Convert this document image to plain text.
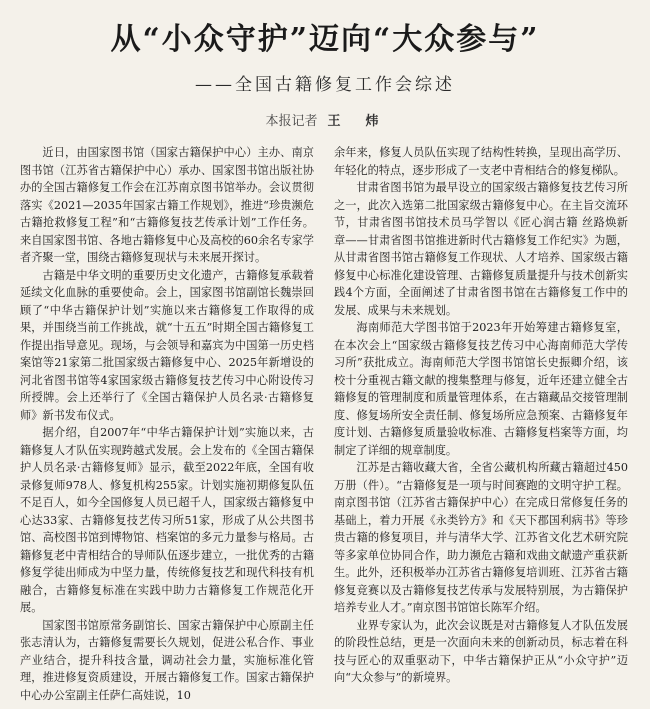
从“小众守护”迈向“大众参与”
——全国古籍修复工作会综述
本报记者 王　炜

近日，由国家图书馆（国家古籍保护中心）主办、南京图书馆（江苏省古籍保护中心）承办、国家图书馆出版社协办的全国古籍修复工作会在江苏南京图书馆举办。会议贯彻落实《2021—2035年国家古籍工作规划》，推进“珍贵濒危古籍抢救修复工程”和“古籍修复技艺传承计划”工作任务。来自国家图书馆、各地古籍修复中心及高校的60余名专家学者齐聚一堂，围绕古籍修复现状与未来展开探讨。

古籍是中华文明的重要历史文化遗产，古籍修复承载着延续文化血脉的重要使命。会上，国家图书馆副馆长魏崇回顾了“中华古籍保护计划”实施以来古籍修复工作取得的成果，并围绕当前工作挑战，就“十五五”时期全国古籍修复工作提出指导意见。现场，与会领导和嘉宾为中国第一历史档案馆等21家第二批国家级古籍修复中心、2025年新增设的河北省图书馆等4家国家级古籍修复技艺传习中心附设传习所授牌。会上还举行了《全国古籍保护人员名录·古籍修复师》新书发布仪式。

据介绍，自2007年“中华古籍保护计划”实施以来，古籍修复人才队伍实现跨越式发展。会上发布的《全国古籍保护人员名录·古籍修复师》显示，截至2022年底，全国有收录修复师978人、修复机构255家。计划实施初期修复队伍不足百人，如今全国修复人员已超千人，国家级古籍修复中心达33家、古籍修复技艺传习所51家，形成了从公共图书馆、高校图书馆到博物馆、档案馆的多元力量参与格局。古籍修复老中青相结合的导师队伍逐步建立，一批优秀的古籍修复学徒出师成为中坚力量，传统修复技艺和现代科技有机融合，古籍修复标准在实践中助力古籍修复工作规范化开展。

国家图书馆原常务副馆长、国家古籍保护中心原副主任张志清认为，古籍修复需要长久规划，促进公私合作、事业产业结合，提升科技含量，调动社会力量，实施标准化管理，推进修复资质建设，开展古籍修复工作。国家古籍保护中心办公室副主任萨仁高娃说，10

余年来，修复人员队伍实现了结构性转换，呈现出高学历、年轻化的特点，逐步形成了一支老中青相结合的修复梯队。

甘肃省图书馆为最早设立的国家级古籍修复技艺传习所之一，此次入选第二批国家级古籍修复中心。在主旨交流环节，甘肃省图书馆技术员马学智以《匠心润古籍 丝路焕新章——甘肃省图书馆推进新时代古籍修复工作纪实》为题，从甘肃省图书馆古籍修复工作现状、人才培养、国家级古籍修复中心标准化建设管理、古籍修复质量提升与技术创新实践4个方面，全面阐述了甘肃省图书馆在古籍修复工作中的发展、成果与未来规划。

海南师范大学图书馆于2023年开始筹建古籍修复室，在本次会上“国家级古籍修复技艺传习中心海南师范大学传习所”获批成立。海南师范大学图书馆馆长史振卿介绍，该校十分重视古籍文献的搜集整理与修复，近年还建立健全古籍修复的管理制度和质量管理体系，在古籍藏品交接管理制度、修复场所安全责任制、修复场所应急预案、古籍修复年度计划、古籍修复质量验收标准、古籍修复档案等方面，均制定了详细的规章制度。

江苏是古籍收藏大省，全省公藏机构所藏古籍超过450万册（件）。“古籍修复是一项与时间赛跑的文明守护工程。南京图书馆（江苏省古籍保护中心）在完成日常修复任务的基础上，着力开展《永类钤方》和《天下郡国利病书》等珍贵古籍的修复项目，并与清华大学、江苏省文化艺术研究院等多家单位协同合作，助力濒危古籍和戏曲文献遗产重获新生。此外，还积极举办江苏省古籍修复培训班、江苏省古籍修复竞赛以及古籍修复技艺传承与发展特别展，为古籍保护培养专业人才。”南京图书馆馆长陈军介绍。

业界专家认为，此次会议既是对古籍修复人才队伍发展的阶段性总结，更是一次面向未来的创新动员，标志着在科技与匠心的双重驱动下，中华古籍保护正从“小众守护”迈向“大众参与”的新境界。
